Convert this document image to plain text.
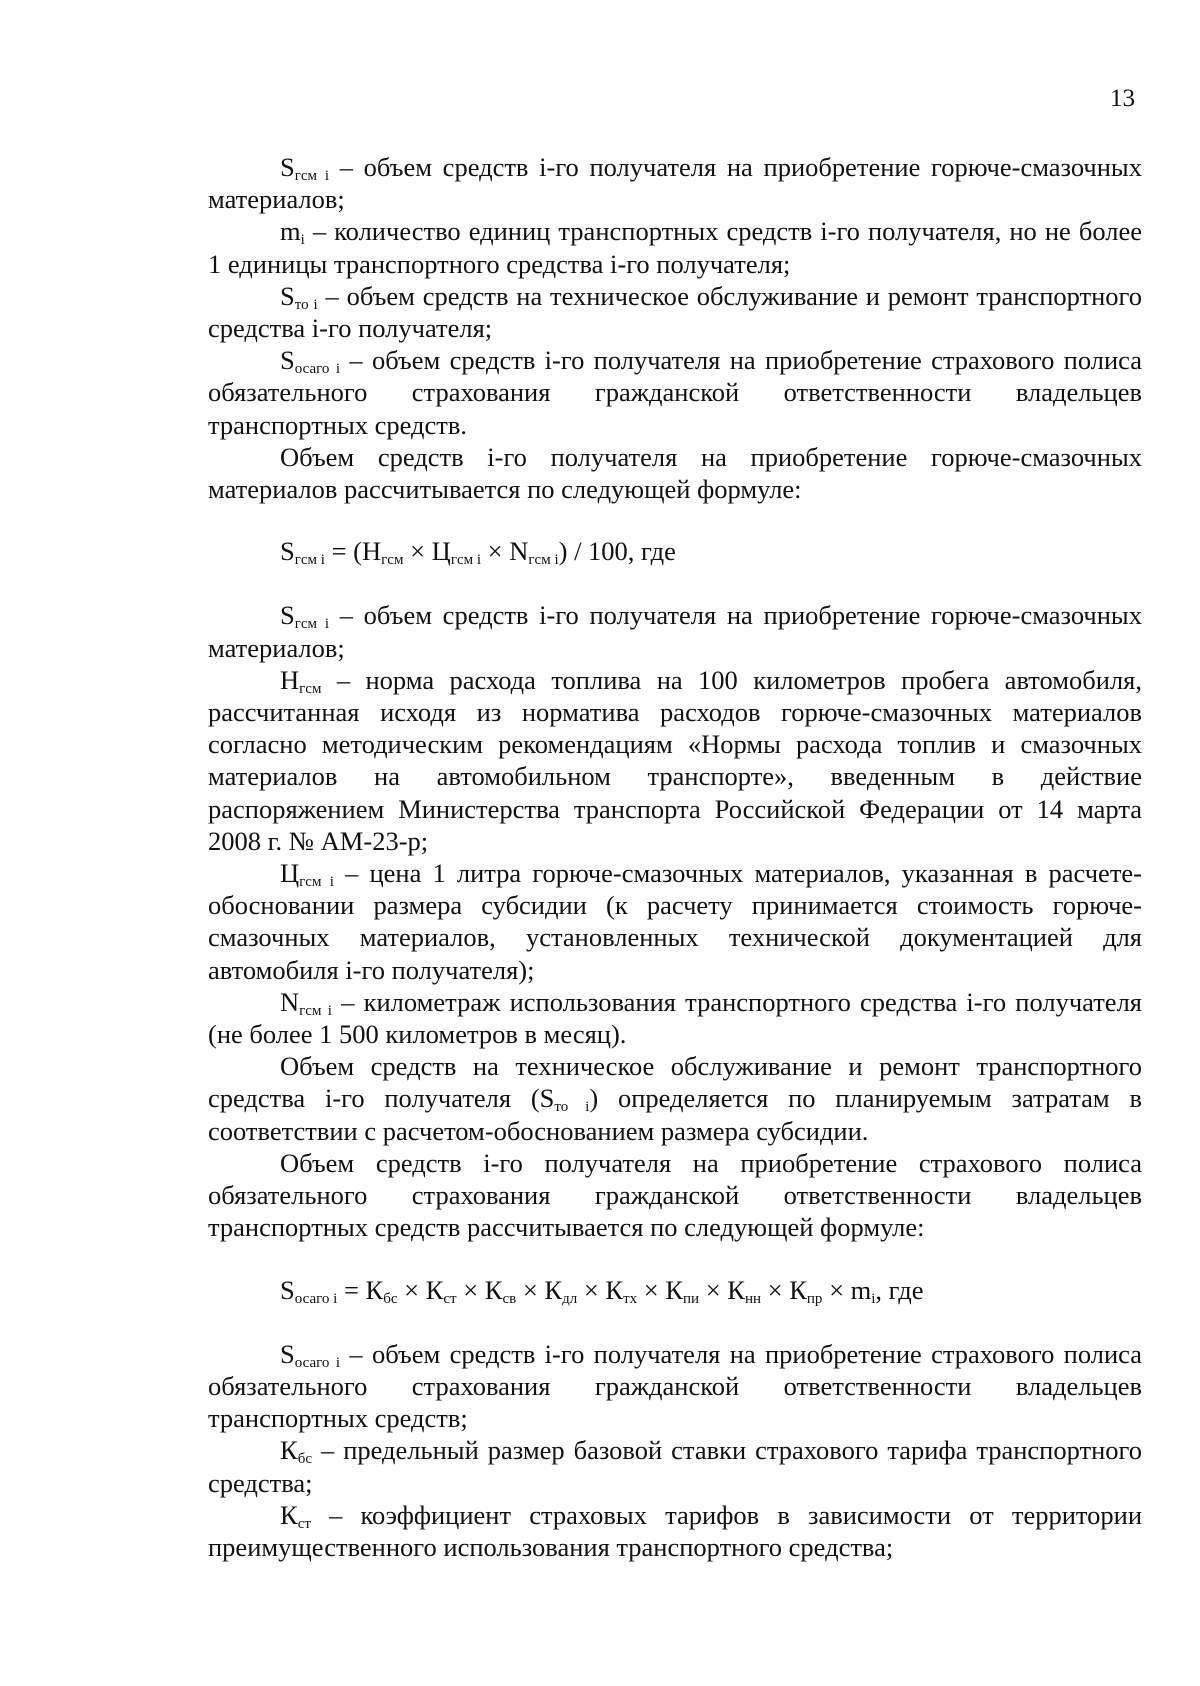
13

$S_{гсм i}$ – объем средств i-го получателя на приобретение горюче-смазочных материалов;

$m_i$ – количество единиц транспортных средств i-го получателя, но не более 1 единицы транспортного средства i-го получателя;

$S_{то i}$ – объем средств на техническое обслуживание и ремонт транспортного средства i-го получателя;

$S_{осаго i}$ – объем средств i-го получателя на приобретение страхового полиса обязательного страхования гражданской ответственности владельцев транспортных средств.

Объем средств i-го получателя на приобретение горюче-смазочных материалов рассчитывается по следующей формуле:

$S_{гсм i} = (Н_{гсм} \times Ц_{гсм i} \times N_{гсм i}) / 100$, где

$S_{гсм i}$ – объем средств i-го получателя на приобретение горюче-смазочных материалов;

$Н_{гсм}$ – норма расхода топлива на 100 километров пробега автомобиля, рассчитанная исходя из норматива расходов горюче-смазочных материалов согласно методическим рекомендациям «Нормы расхода топлив и смазочных материалов на автомобильном транспорте», введенным в действие распоряжением Министерства транспорта Российской Федерации от 14 марта 2008 г. № АМ-23-р;

$Ц_{гсм i}$ – цена 1 литра горюче-смазочных материалов, указанная в расчете-обосновании размера субсидии (к расчету принимается стоимость горюче-смазочных материалов, установленных технической документацией для автомобиля i-го получателя);

$N_{гсм i}$ – километраж использования транспортного средства i-го получателя (не более 1 500 километров в месяц).

Объем средств на техническое обслуживание и ремонт транспортного средства i-го получателя $(S_{то i})$ определяется по планируемым затратам в соответствии с расчетом-обоснованием размера субсидии.

Объем средств i-го получателя на приобретение страхового полиса обязательного страхования гражданской ответственности владельцев транспортных средств рассчитывается по следующей формуле:

$S_{осаго i} = К_{бс} \times К_{ст} \times К_{св} \times К_{дл} \times К_{тх} \times К_{пи} \times К_{нн} \times К_{пр} \times m_i$, где

$S_{осаго i}$ – объем средств i-го получателя на приобретение страхового полиса обязательного страхования гражданской ответственности владельцев транспортных средств;

$К_{бс}$ – предельный размер базовой ставки страхового тарифа транспортного средства;

$К_{ст}$ – коэффициент страховых тарифов в зависимости от территории преимущественного использования транспортного средства;
